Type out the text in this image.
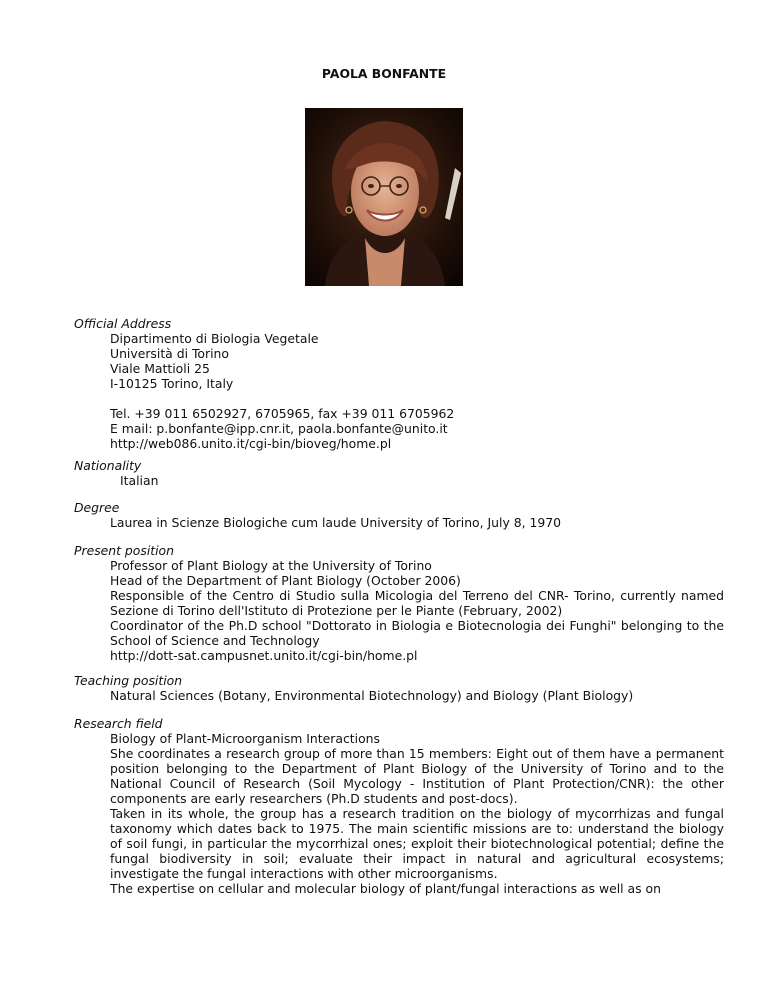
PAOLA BONFANTE
Official Address
Dipartimento di Biologia Vegetale
Università di Torino
Viale Mattioli 25
I-10125 Torino, Italy
Tel. +39 011 6502927, 6705965, fax +39 011 6705962
E mail: p.bonfante@ipp.cnr.it, paola.bonfante@unito.it
http://web086.unito.it/cgi-bin/bioveg/home.pl
Nationality
Italian
Degree
Laurea in Scienze Biologiche cum laude University of Torino, July 8, 1970
Present position
Professor of Plant Biology at the University of Torino
Head of the Department of Plant Biology (October 2006)
Responsible of the Centro di Studio sulla Micologia del Terreno del CNR- Torino, currently named Sezione di Torino dell'Istituto di Protezione per le Piante (February, 2002)
Coordinator of the Ph.D school "Dottorato in Biologia e Biotecnologia dei Funghi" belonging to the School of Science and Technology
http://dott-sat.campusnet.unito.it/cgi-bin/home.pl
Teaching position
Natural Sciences (Botany, Environmental Biotechnology) and Biology (Plant Biology)
Research field
Biology of Plant-Microorganism Interactions
She coordinates a research group of more than 15 members: Eight out of them have a permanent position belonging to the Department of Plant Biology of the University of Torino and to the National Council of Research (Soil Mycology - Institution of Plant Protection/CNR): the other components are early researchers (Ph.D students and post-docs).
Taken in its whole, the group has a research tradition on the biology of mycorrhizas and fungal taxonomy which dates back to 1975. The main scientific missions are to: understand the biology of soil fungi, in particular the mycorrhizal ones; exploit their biotechnological potential; define the fungal biodiversity in soil; evaluate their impact in natural and agricultural ecosystems; investigate the fungal interactions with other microorganisms.
The expertise on cellular and molecular biology of plant/fungal interactions as well as on
